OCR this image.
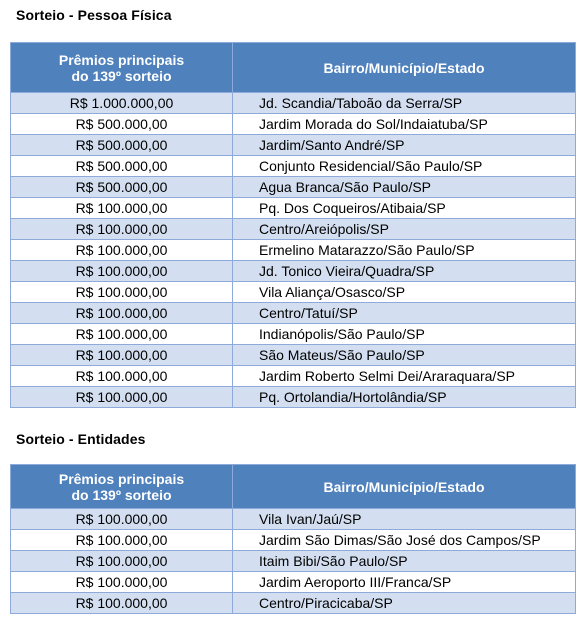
Sorteio - Pessoa Física
Prêmios principais
do 139º sorteio	Bairro/Município/Estado
R$ 1.000.000,00	Jd. Scandia/Taboão da Serra/SP
R$ 500.000,00	Jardim Morada do Sol/Indaiatuba/SP
R$ 500.000,00	Jardim/Santo André/SP
R$ 500.000,00	Conjunto Residencial/São Paulo/SP
R$ 500.000,00	Agua Branca/São Paulo/SP
R$ 100.000,00	Pq. Dos Coqueiros/Atibaia/SP
R$ 100.000,00	Centro/Areiópolis/SP
R$ 100.000,00	Ermelino Matarazzo/São Paulo/SP
R$ 100.000,00	Jd. Tonico Vieira/Quadra/SP
R$ 100.000,00	Vila Aliança/Osasco/SP
R$ 100.000,00	Centro/Tatuí/SP
R$ 100.000,00	Indianópolis/São Paulo/SP
R$ 100.000,00	São Mateus/São Paulo/SP
R$ 100.000,00	Jardim Roberto Selmi Dei/Araraquara/SP
R$ 100.000,00	Pq. Ortolandia/Hortolândia/SP
Sorteio - Entidades
Prêmios principais
do 139º sorteio	Bairro/Município/Estado
R$ 100.000,00	Vila Ivan/Jaú/SP
R$ 100.000,00	Jardim São Dimas/São José dos Campos/SP
R$ 100.000,00	Itaim Bibi/São Paulo/SP
R$ 100.000,00	Jardim Aeroporto III/Franca/SP
R$ 100.000,00	Centro/Piracicaba/SP
